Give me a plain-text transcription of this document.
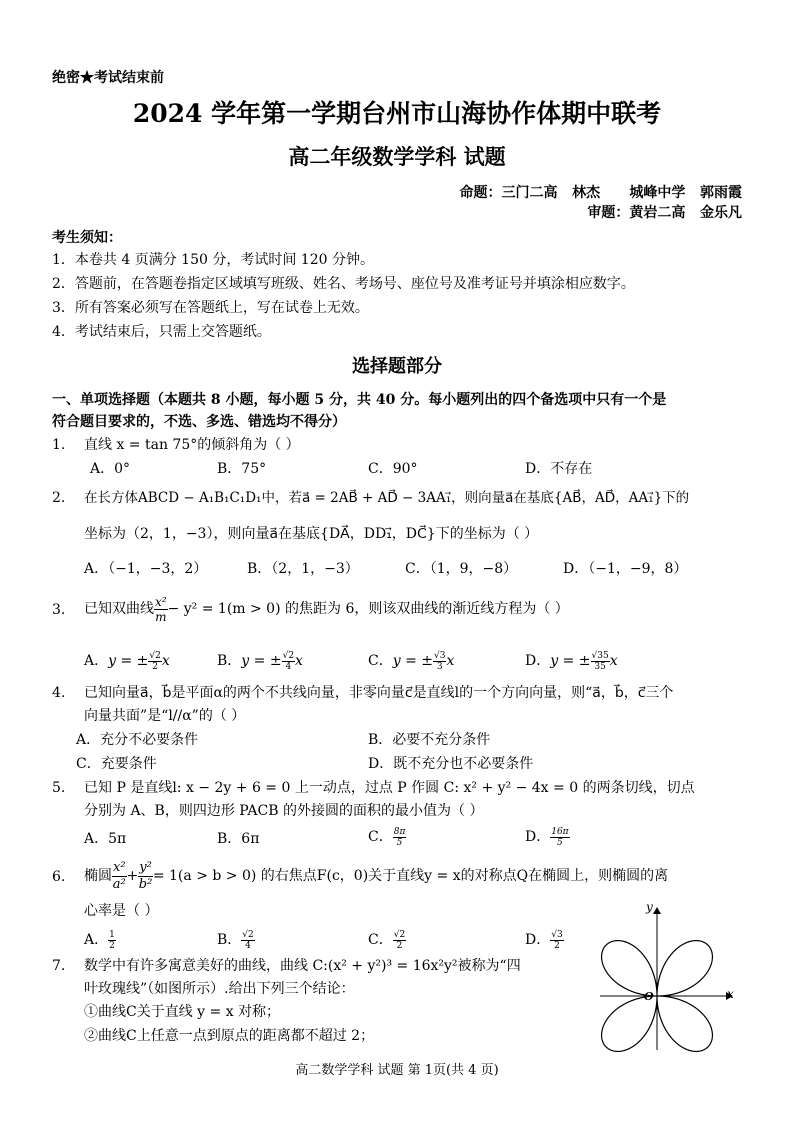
绝密★考试结束前
2024 学年第一学期台州市山海协作体期中联考
高二年级数学学科 试题
命题：三门二高   林杰      城峰中学   郭雨霞
审题：黄岩二高   金乐凡
考生须知：
1．本卷共 4 页满分 150 分，考试时间 120 分钟。
2．答题前，在答题卷指定区域填写班级、姓名、考场号、座位号及准考证号并填涂相应数字。
3．所有答案必须写在答题纸上，写在试卷上无效。
4．考试结束后，只需上交答题纸。
选择题部分
一、单项选择题（本题共 8 小题，每小题 5 分，共 40 分。每小题列出的四个备选项中只有一个是
符合题目要求的，不选、多选、错选均不得分）
1. 直线 x = tan 75°的倾斜角为（ ）
A．0°	B．75°	C．90°	D．不存在
2. 在长方体ABCD − A₁B₁C₁D₁中，若a⃗ = 2AB⃗ + AD⃗ − 3AA₁⃗，则向量a⃗在基底{AB⃗，AD⃗，AA₁⃗}下的
坐标为（2，1，−3），则向量a⃗在基底{DA⃗，DD₁⃗，DC⃗}下的坐标为（ ）
A．（−1，−3，2）	B．（2，1，−3）	C．（1，9，−8）	D．（−1，−9，8）
3. 已知双曲线 $\frac{\text{x²}}{m} - y^2 = 1(m > 0)$ 的焦距为 6，则该双曲线的渐近线方程为（ ）
A．y = ± $\frac{√2}{2}$ x	B．y = ± $\frac{√2}{4}$ x	C．y = ± $\frac{√3}{3}$ x	D．y = ± $\frac{√35}{35}$ x
4. 已知向量a⃗，b⃗是平面α的两个不共线向量，非零向量c⃗是直线l的一个方向向量，则“a⃗，b⃗，c⃗三个
向量共面”是“l//α”的（ ）
A．充分不必要条件	B．必要不充分条件
C．充要条件	D．既不充分也不必要条件
5. 已知 P 是直线l: x − 2y + 6 = 0 上一动点，过点 P 作圆 C: x² + y² − 4x = 0 的两条切线，切点
分别为 A、B，则四边形 PACB 的外接圆的面积的最小值为（ ）
A．5π	B．6π	C． $\frac{8\pi}{5}$	D． $\frac{16\pi}{5}$
6. 椭圆 $\frac{\text{x²}}{\text{a²}} + \frac{\text{y²}}{\text{b²}} = 1(a > b > 0)$ 的右焦点F(c，0)关于直线y = x的对称点Q在椭圆上，则椭圆的离
心率是（ ）
A． $\frac{1}{2}$	B． $\frac{√2}{4}$	C． $\frac{√2}{2}$	D． $\frac{√3}{2}$
7. 数学中有许多寓意美好的曲线，曲线 C:(x² + y²)³ = 16x²y²被称为“四
叶玫瑰线”（如图所示）.给出下列三个结论：
①曲线C关于直线 y = x 对称；
②曲线C上任意一点到原点的距离都不超过 2；
x
y
O
高二数学学科 试题 第 1页(共 4 页)
